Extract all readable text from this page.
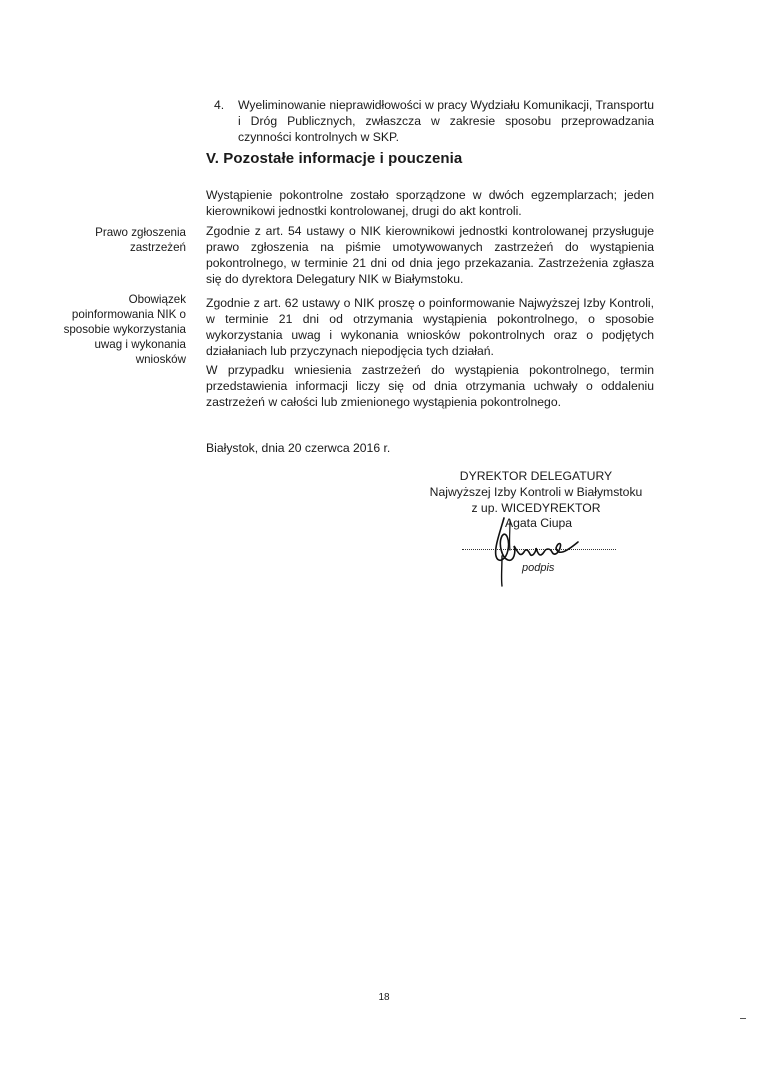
4.	Wyeliminowanie nieprawidłowości w pracy Wydziału Komunikacji, Transportu i Dróg Publicznych, zwłaszcza w zakresie sposobu przeprowadzania czynności kontrolnych w SKP.
V. Pozostałe informacje i pouczenia
Wystąpienie pokontrolne zostało sporządzone w dwóch egzemplarzach; jeden kierownikowi jednostki kontrolowanej, drugi do akt kontroli.
Zgodnie z art. 54 ustawy o NIK kierownikowi jednostki kontrolowanej przysługuje prawo zgłoszenia na piśmie umotywowanych zastrzeżeń do wystąpienia pokontrolnego, w terminie 21 dni od dnia jego przekazania. Zastrzeżenia zgłasza się do dyrektora Delegatury NIK w Białymstoku.
Zgodnie z art. 62 ustawy o NIK proszę o poinformowanie Najwyższej Izby Kontroli, w terminie 21 dni od otrzymania wystąpienia pokontrolnego, o sposobie wykorzystania uwag i wykonania wniosków pokontrolnych oraz o podjętych działaniach lub przyczynach niepodjęcia tych działań.
W przypadku wniesienia zastrzeżeń do wystąpienia pokontrolnego, termin przedstawienia informacji liczy się od dnia otrzymania uchwały o oddaleniu zastrzeżeń w całości lub zmienionego wystąpienia pokontrolnego.
Prawo zgłoszenia zastrzeżeń
Obowiązek poinformowania NIK o sposobie wykorzystania uwag i wykonania wniosków
Białystok, dnia 20 czerwca 2016 r.
DYREKTOR DELEGATURY
Najwyższej Izby Kontroli w Białymstoku
z up. WICEDYREKTOR
Agata Ciupa
podpis
18
